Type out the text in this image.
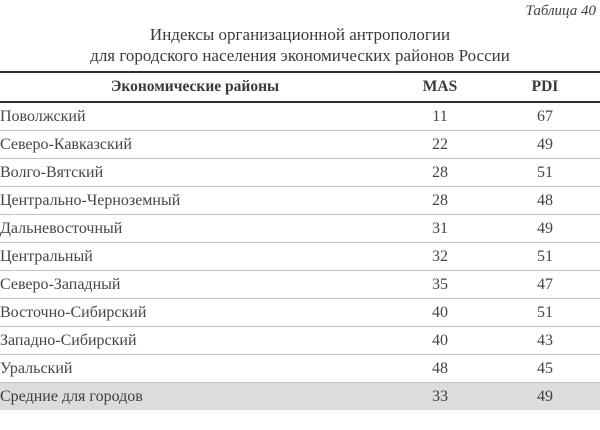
Таблица 40
Индексы организационной антропологии
для городского населения экономических районов России
Экономические районы	MAS	PDI
Поволжский	11	67
Северо-Кавказский	22	49
Волго-Вятский	28	51
Центрально-Черноземный	28	48
Дальневосточный	31	49
Центральный	32	51
Северо-Западный	35	47
Восточно-Сибирский	40	51
Западно-Сибирский	40	43
Уральский	48	45
Средние для городов	33	49
